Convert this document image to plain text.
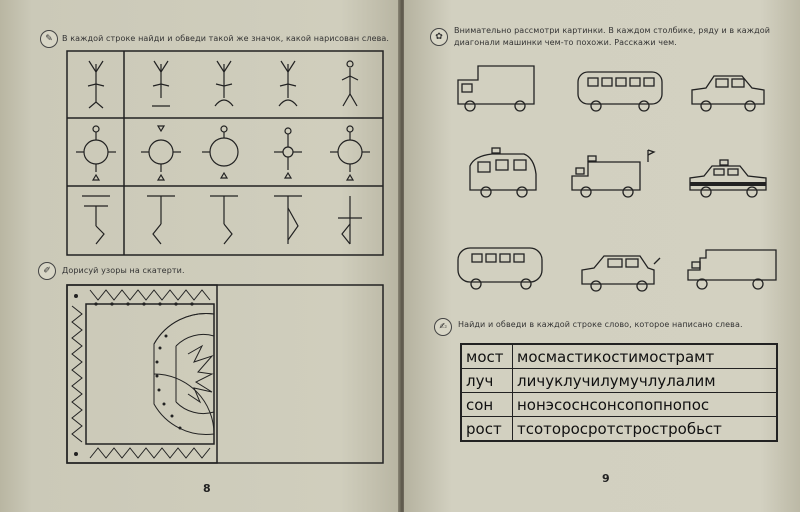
✎	В каждой строке найди и обведи такой же значок, какой нарисован слева.
✐	Дорисуй узоры на скатерти.
8
✿
Внимательно рассмотри картинки. В каждом столбике, ряду и в каждой
диагонали машинки чем-то похожи. Расскажи чем.
✍	Найди и обведи в каждой строке слово, которое написано слева.
9
мост	мосмастикостимострамт
луч	личуклучилумучлулалим
сон	нонэсоснсонсопопнопос
рост	тсоторосротстростробьст
